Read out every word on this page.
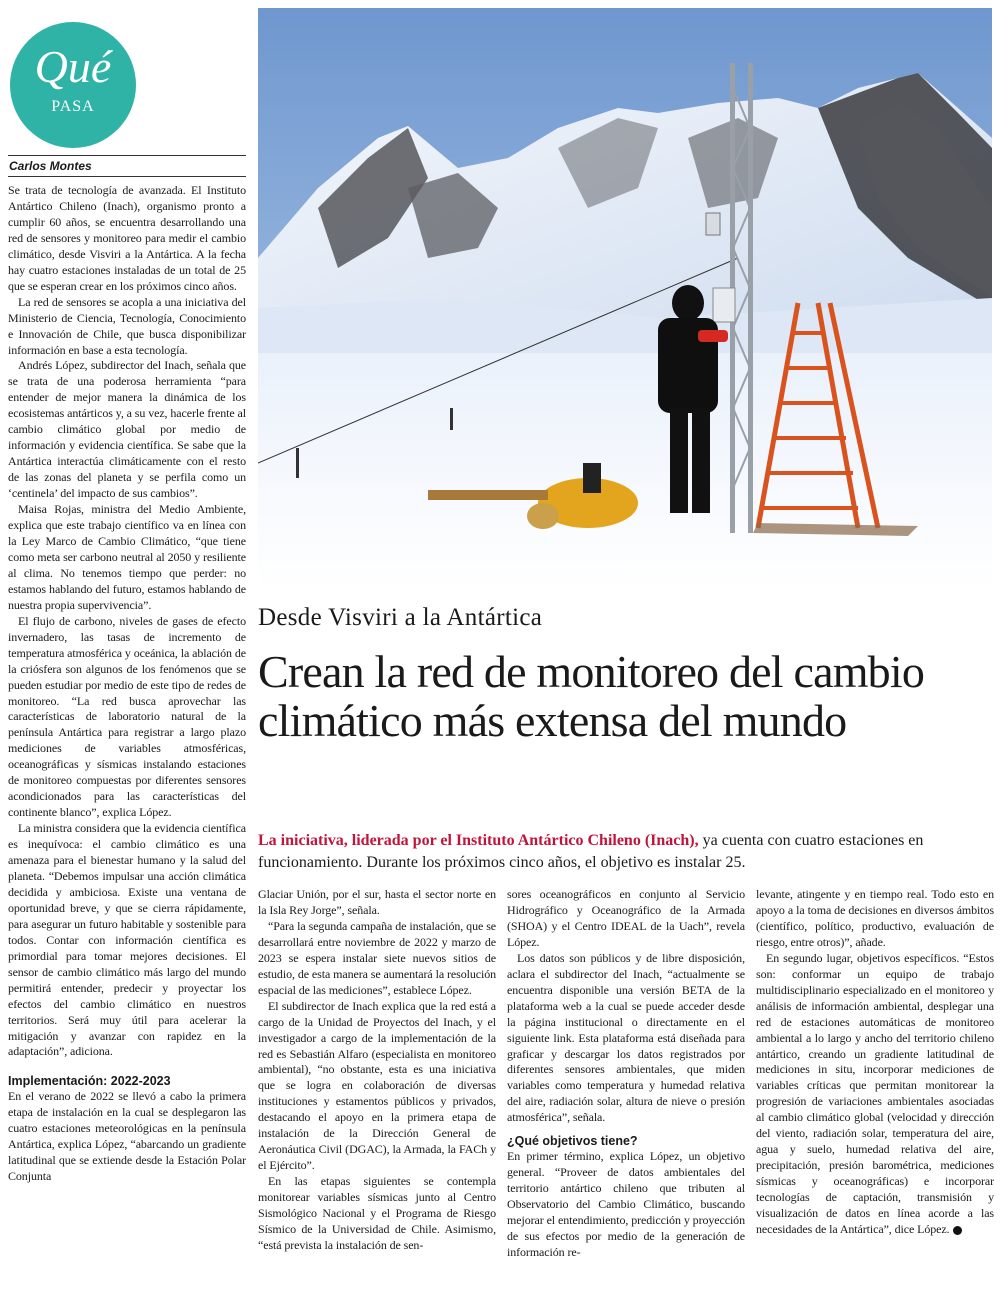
Qué
PASA
Carlos Montes

Se trata de tecnología de avanzada. El Instituto Antártico Chileno (Inach), organismo pronto a cumplir 60 años, se encuentra desarrollando una red de sensores y monitoreo para medir el cambio climático, desde Visviri a la Antártica. A la fecha hay cuatro estaciones instaladas de un total de 25 que se esperan crear en los próximos cinco años.

La red de sensores se acopla a una iniciativa del Ministerio de Ciencia, Tecnología, Conocimiento e Innovación de Chile, que busca disponibilizar información en base a esta tecnología.

Andrés López, subdirector del Inach, señala que se trata de una poderosa herramienta “para entender de mejor manera la dinámica de los ecosistemas antárticos y, a su vez, hacerle frente al cambio climático global por medio de información y evidencia científica. Se sabe que la Antártica interactúa climáticamente con el resto de las zonas del planeta y se perfila como un ‘centinela’ del impacto de sus cambios”.

Maisa Rojas, ministra del Medio Ambiente, explica que este trabajo científico va en línea con la Ley Marco de Cambio Climático, “que tiene como meta ser carbono neutral al 2050 y resiliente al clima. No tenemos tiempo que perder: no estamos hablando del futuro, estamos hablando de nuestra propia supervivencia”.

El flujo de carbono, niveles de gases de efecto invernadero, las tasas de incremento de temperatura atmosférica y oceánica, la ablación de la criósfera son algunos de los fenómenos que se pueden estudiar por medio de este tipo de redes de monitoreo. “La red busca aprovechar las características de laboratorio natural de la península Antártica para registrar a largo plazo mediciones de variables atmosféricas, oceanográficas y sísmicas instalando estaciones de monitoreo compuestas por diferentes sensores acondicionados para las características del continente blanco”, explica López.

La ministra considera que la evidencia científica es inequívoca: el cambio climático es una amenaza para el bienestar humano y la salud del planeta. “Debemos impulsar una acción climática decidida y ambiciosa. Existe una ventana de oportunidad breve, y que se cierra rápidamente, para asegurar un futuro habitable y sostenible para todos. Contar con información científica es primordial para tomar mejores decisiones. El sensor de cambio climático más largo del mundo permitirá entender, predecir y proyectar los efectos del cambio climático en nuestros territorios. Será muy útil para acelerar la mitigación y avanzar con rapidez en la adaptación”, adiciona.

Implementación: 2022-2023

En el verano de 2022 se llevó a cabo la primera etapa de instalación en la cual se desplegaron las cuatro estaciones meteorológicas en la península Antártica, explica López, “abarcando un gradiente latitudinal que se extiende desde la Estación Polar Conjunta

Desde Visviri a la Antártica
Crean la red de monitoreo del cambio climático más extensa del mundo
La iniciativa, liderada por el Instituto Antártico Chileno (Inach), ya cuenta con cuatro estaciones en funcionamiento. Durante los próximos cinco años, el objetivo es instalar 25.

Glaciar Unión, por el sur, hasta el sector norte en la Isla Rey Jorge”, señala.

“Para la segunda campaña de instalación, que se desarrollará entre noviembre de 2022 y marzo de 2023 se espera instalar siete nuevos sitios de estudio, de esta manera se aumentará la resolución espacial de las mediciones”, establece López.

El subdirector de Inach explica que la red está a cargo de la Unidad de Proyectos del Inach, y el investigador a cargo de la implementación de la red es Sebastián Alfaro (especialista en monitoreo ambiental), “no obstante, esta es una iniciativa que se logra en colaboración de diversas instituciones y estamentos públicos y privados, destacando el apoyo en la primera etapa de instalación de la Dirección General de Aeronáutica Civil (DGAC), la Armada, la FACh y el Ejército”.

En las etapas siguientes se contempla monitorear variables sísmicas junto al Centro Sismológico Nacional y el Programa de Riesgo Sísmico de la Universidad de Chile. Asimismo, “está prevista la instalación de sen-

sores oceanográficos en conjunto al Servicio Hidrográfico y Oceanográfico de la Armada (SHOA) y el Centro IDEAL de la Uach”, revela López.

Los datos son públicos y de libre disposición, aclara el subdirector del Inach, “actualmente se encuentra disponible una versión BETA de la plataforma web a la cual se puede acceder desde la página institucional o directamente en el siguiente link. Esta plataforma está diseñada para graficar y descargar los datos registrados por diferentes sensores ambientales, que miden variables como temperatura y humedad relativa del aire, radiación solar, altura de nieve o presión atmosférica”, señala.

¿Qué objetivos tiene?

En primer término, explica López, un objetivo general. “Proveer de datos ambientales del territorio antártico chileno que tributen al Observatorio del Cambio Climático, buscando mejorar el entendimiento, predicción y proyección de sus efectos por medio de la generación de información re-

levante, atingente y en tiempo real. Todo esto en apoyo a la toma de decisiones en diversos ámbitos (científico, político, productivo, evaluación de riesgo, entre otros)”, añade.

En segundo lugar, objetivos específicos. “Estos son: conformar un equipo de trabajo multidisciplinario especializado en el monitoreo y análisis de información ambiental, desplegar una red de estaciones automáticas de monitoreo ambiental a lo largo y ancho del territorio chileno antártico, creando un gradiente latitudinal de mediciones in situ, incorporar mediciones de variables críticas que permitan monitorear la progresión de variaciones ambientales asociadas al cambio climático global (velocidad y dirección del viento, radiación solar, temperatura del aire, agua y suelo, humedad relativa del aire, precipitación, presión barométrica, mediciones sísmicas y oceanográficas) e incorporar tecnologías de captación, transmisión y visualización de datos en línea acorde a las necesidades de la Antártica”, dice López.
